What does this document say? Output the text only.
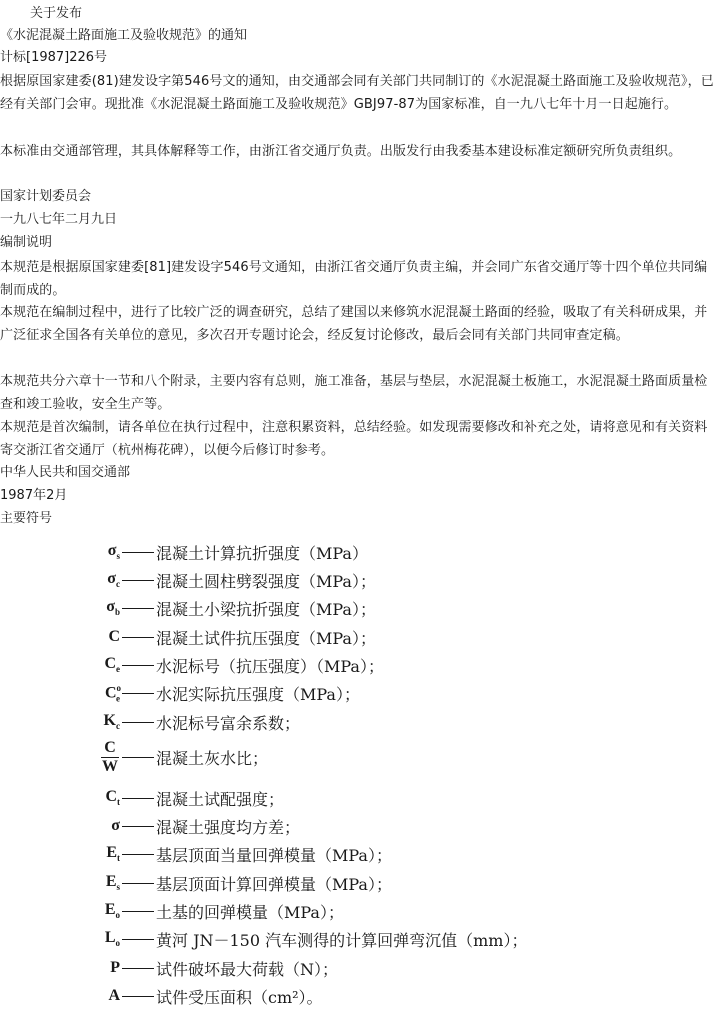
关于发布
《水泥混凝土路面施工及验收规范》的通知
计标[1987]226号
根据原国家建委(81)建发设字第546号文的通知，由交通部会同有关部门共同制订的《水泥混凝土路面施工及验收规范》，已经有关部门会审。现批准《水泥混凝土路面施工及验收规范》GBJ97-87为国家标准，自一九八七年十月一日起施行。
本标准由交通部管理，其具体解释等工作，由浙江省交通厅负责。出版发行由我委基本建设标准定额研究所负责组织。
国家计划委员会
一九八七年二月九日
编制说明
本规范是根据原国家建委[81]建发设字546号文通知，由浙江省交通厅负责主编，并会同广东省交通厅等十四个单位共同编制而成的。
本规范在编制过程中，进行了比较广泛的调查研究，总结了建国以来修筑水泥混凝土路面的经验，吸取了有关科研成果，并广泛征求全国各有关单位的意见，多次召开专题讨论会，经反复讨论修改，最后会同有关部门共同审查定稿。
本规范共分六章十一节和八个附录，主要内容有总则，施工准备，基层与垫层，水泥混凝土板施工，水泥混凝土路面质量检查和竣工验收，安全生产等。
本规范是首次编制，请各单位在执行过程中，注意积累资料，总结经验。如发现需要修改和补充之处，请将意见和有关资料寄交浙江省交通厅（杭州梅花碑），以便今后修订时参考。
中华人民共和国交通部
1987年2月
主要符号
$\sigma_s$ 混凝土计算抗折强度（MPa）
$\sigma_c$ 混凝土圆柱劈裂强度（MPa）；
$\sigma_b$ 混凝土小梁抗折强度（MPa）；
C 混凝土试件抗压强度（MPa）；
$C_e$ 水泥标号（抗压强度）（MPa）；
$C^o_e$ 水泥实际抗压强度（MPa）；
$K_c$ 水泥标号富余系数；
$\frac{C}{W}$ 混凝土灰水比；
$C_t$ 混凝土试配强度；
σ 混凝土强度均方差；
$E_t$ 基层顶面当量回弹模量（MPa）；
$E_s$ 基层顶面计算回弹模量（MPa）；
$E_o$ 土基的回弹模量（MPa）；
$L_o$ 黄河 JN－150 汽车测得的计算回弹弯沉值（mm）；
P 试件破坏最大荷载（N）；
A 试件受压面积（cm²）。
